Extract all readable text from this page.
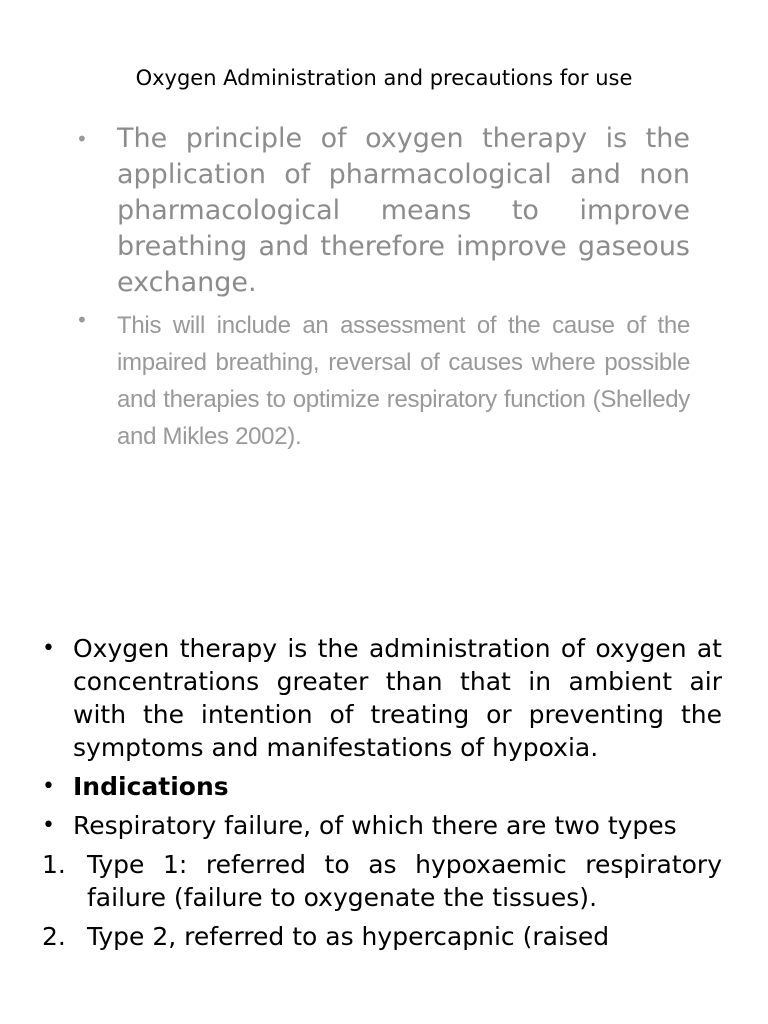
Oxygen Administration and precautions for use
• The principle of oxygen therapy is the application of pharmacological and non pharmacological means to improve breathing and therefore improve gaseous exchange.
• This will include an assessment of the cause of the impaired breathing, reversal of causes where possible and therapies to optimize respiratory function (Shelledy and Mikles 2002).
• Oxygen therapy is the administration of oxygen at concentrations greater than that in ambient air with the intention of treating or preventing the symptoms and manifestations of hypoxia.
• Indications
• Respiratory failure, of which there are two types
1. Type 1: referred to as hypoxaemic respiratory failure (failure to oxygenate the tissues).
2. Type 2, referred to as hypercapnic (raised
